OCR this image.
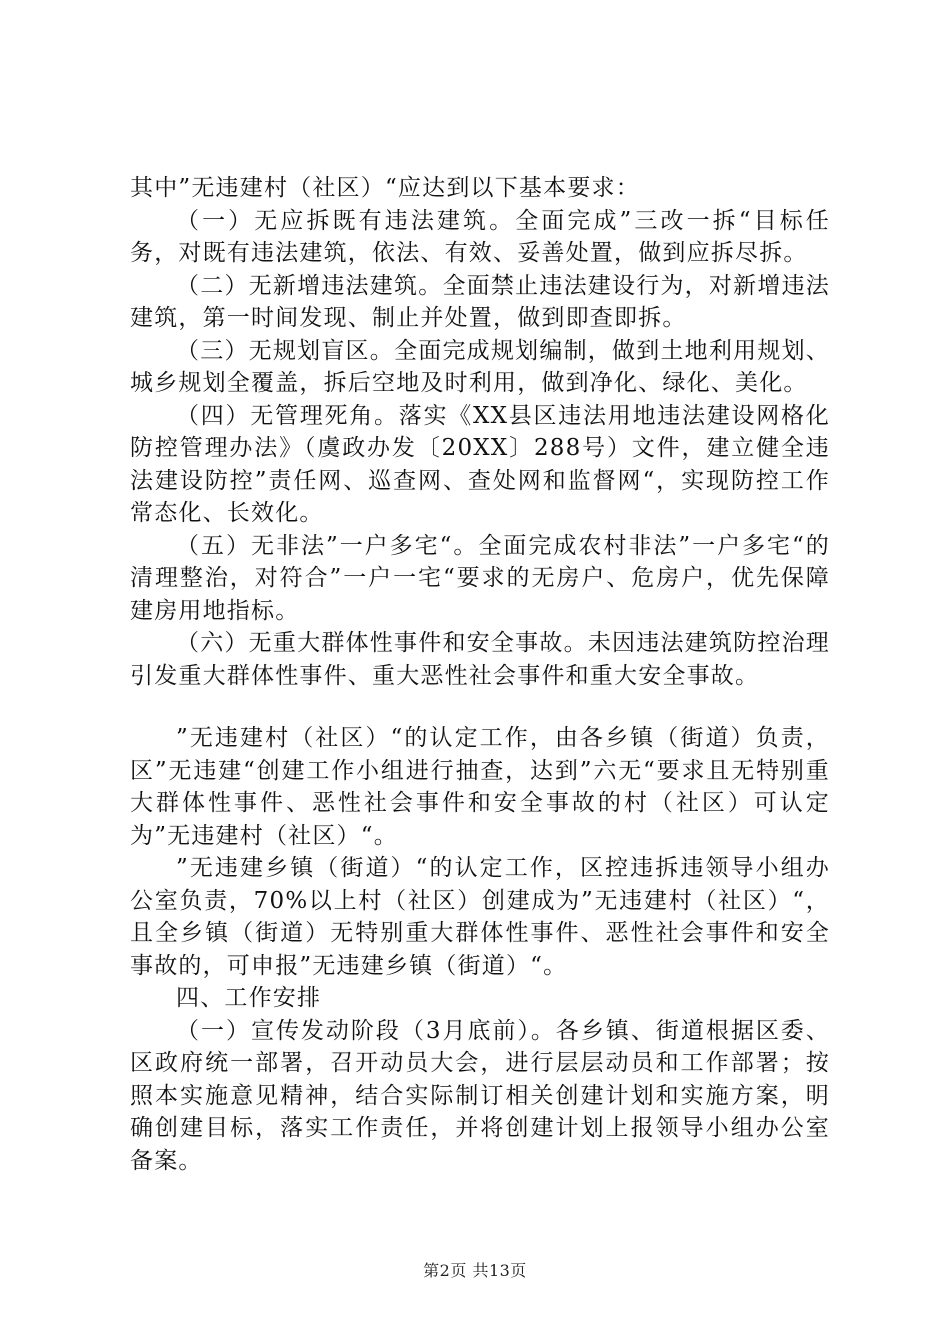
其中”无违建村（社区）“应达到以下基本要求：

（一）无应拆既有违法建筑。全面完成”三改一拆“目标任务，对既有违法建筑，依法、有效、妥善处置，做到应拆尽拆。

（二）无新增违法建筑。全面禁止违法建设行为，对新增违法建筑，第一时间发现、制止并处置，做到即查即拆。

（三）无规划盲区。全面完成规划编制，做到土地利用规划、城乡规划全覆盖，拆后空地及时利用，做到净化、绿化、美化。

（四）无管理死角。落实《XX县区违法用地违法建设网格化防控管理办法》（虞政办发〔20XX〕288号）文件，建立健全违法建设防控”责任网、巡查网、查处网和监督网“，实现防控工作常态化、长效化。

（五）无非法”一户多宅“。全面完成农村非法”一户多宅“的清理整治，对符合”一户一宅“要求的无房户、危房户，优先保障建房用地指标。

（六）无重大群体性事件和安全事故。未因违法建筑防控治理引发重大群体性事件、重大恶性社会事件和重大安全事故。

”无违建村（社区）“的认定工作，由各乡镇（街道）负责，区”无违建“创建工作小组进行抽查，达到”六无“要求且无特别重大群体性事件、恶性社会事件和安全事故的村（社区）可认定为”无违建村（社区）“。

”无违建乡镇（街道）“的认定工作，区控违拆违领导小组办公室负责，70%以上村（社区）创建成为”无违建村（社区）“，且全乡镇（街道）无特别重大群体性事件、恶性社会事件和安全事故的，可申报”无违建乡镇（街道）“。

四、工作安排

（一）宣传发动阶段（3月底前）。各乡镇、街道根据区委、区政府统一部署，召开动员大会，进行层层动员和工作部署；按照本实施意见精神，结合实际制订相关创建计划和实施方案，明确创建目标，落实工作责任，并将创建计划上报领导小组办公室备案。

第2页 共13页
